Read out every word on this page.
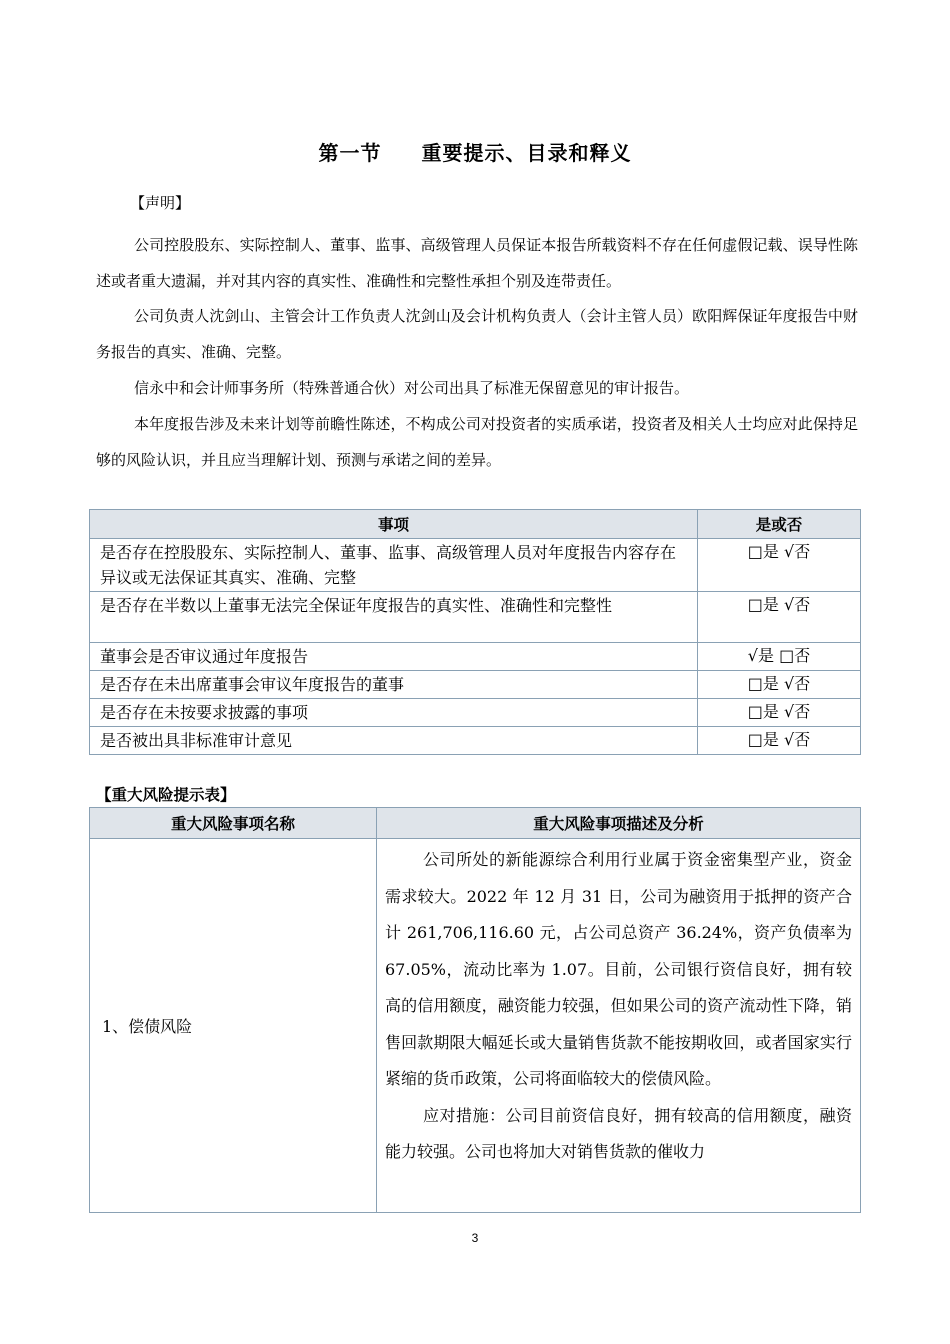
第一节 重要提示、目录和释义
【声明】
公司控股股东、实际控制人、董事、监事、高级管理人员保证本报告所载资料不存在任何虚假记载、误导性陈述或者重大遗漏，并对其内容的真实性、准确性和完整性承担个别及连带责任。
公司负责人沈剑山、主管会计工作负责人沈剑山及会计机构负责人（会计主管人员）欧阳辉保证年度报告中财务报告的真实、准确、完整。
信永中和会计师事务所（特殊普通合伙）对公司出具了标准无保留意见的审计报告。
本年度报告涉及未来计划等前瞻性陈述，不构成公司对投资者的实质承诺，投资者及相关人士均应对此保持足够的风险认识，并且应当理解计划、预测与承诺之间的差异。
事项	是或否
是否存在控股股东、实际控制人、董事、监事、高级管理人员对年度报告内容存在异议或无法保证其真实、准确、完整	□是 √否
是否存在半数以上董事无法完全保证年度报告的真实性、准确性和完整性	□是 √否
董事会是否审议通过年度报告	√是 □否
是否存在未出席董事会审议年度报告的董事	□是 √否
是否存在未按要求披露的事项	□是 √否
是否被出具非标准审计意见	□是 √否
【重大风险提示表】
重大风险事项名称	重大风险事项描述及分析
1、偿债风险	公司所处的新能源综合利用行业属于资金密集型产业，资金需求较大。2022 年 12 月 31 日，公司为融资用于抵押的资产合计 261,706,116.60 元，占公司总资产 36.24%，资产负债率为 67.05%，流动比率为 1.07。目前，公司银行资信良好，拥有较高的信用额度，融资能力较强，但如果公司的资产流动性下降，销售回款期限大幅延长或大量销售货款不能按期收回，或者国家实行紧缩的货币政策，公司将面临较大的偿债风险。

应对措施：公司目前资信良好，拥有较高的信用额度，融资能力较强。公司也将加大对销售货款的催收力

3
